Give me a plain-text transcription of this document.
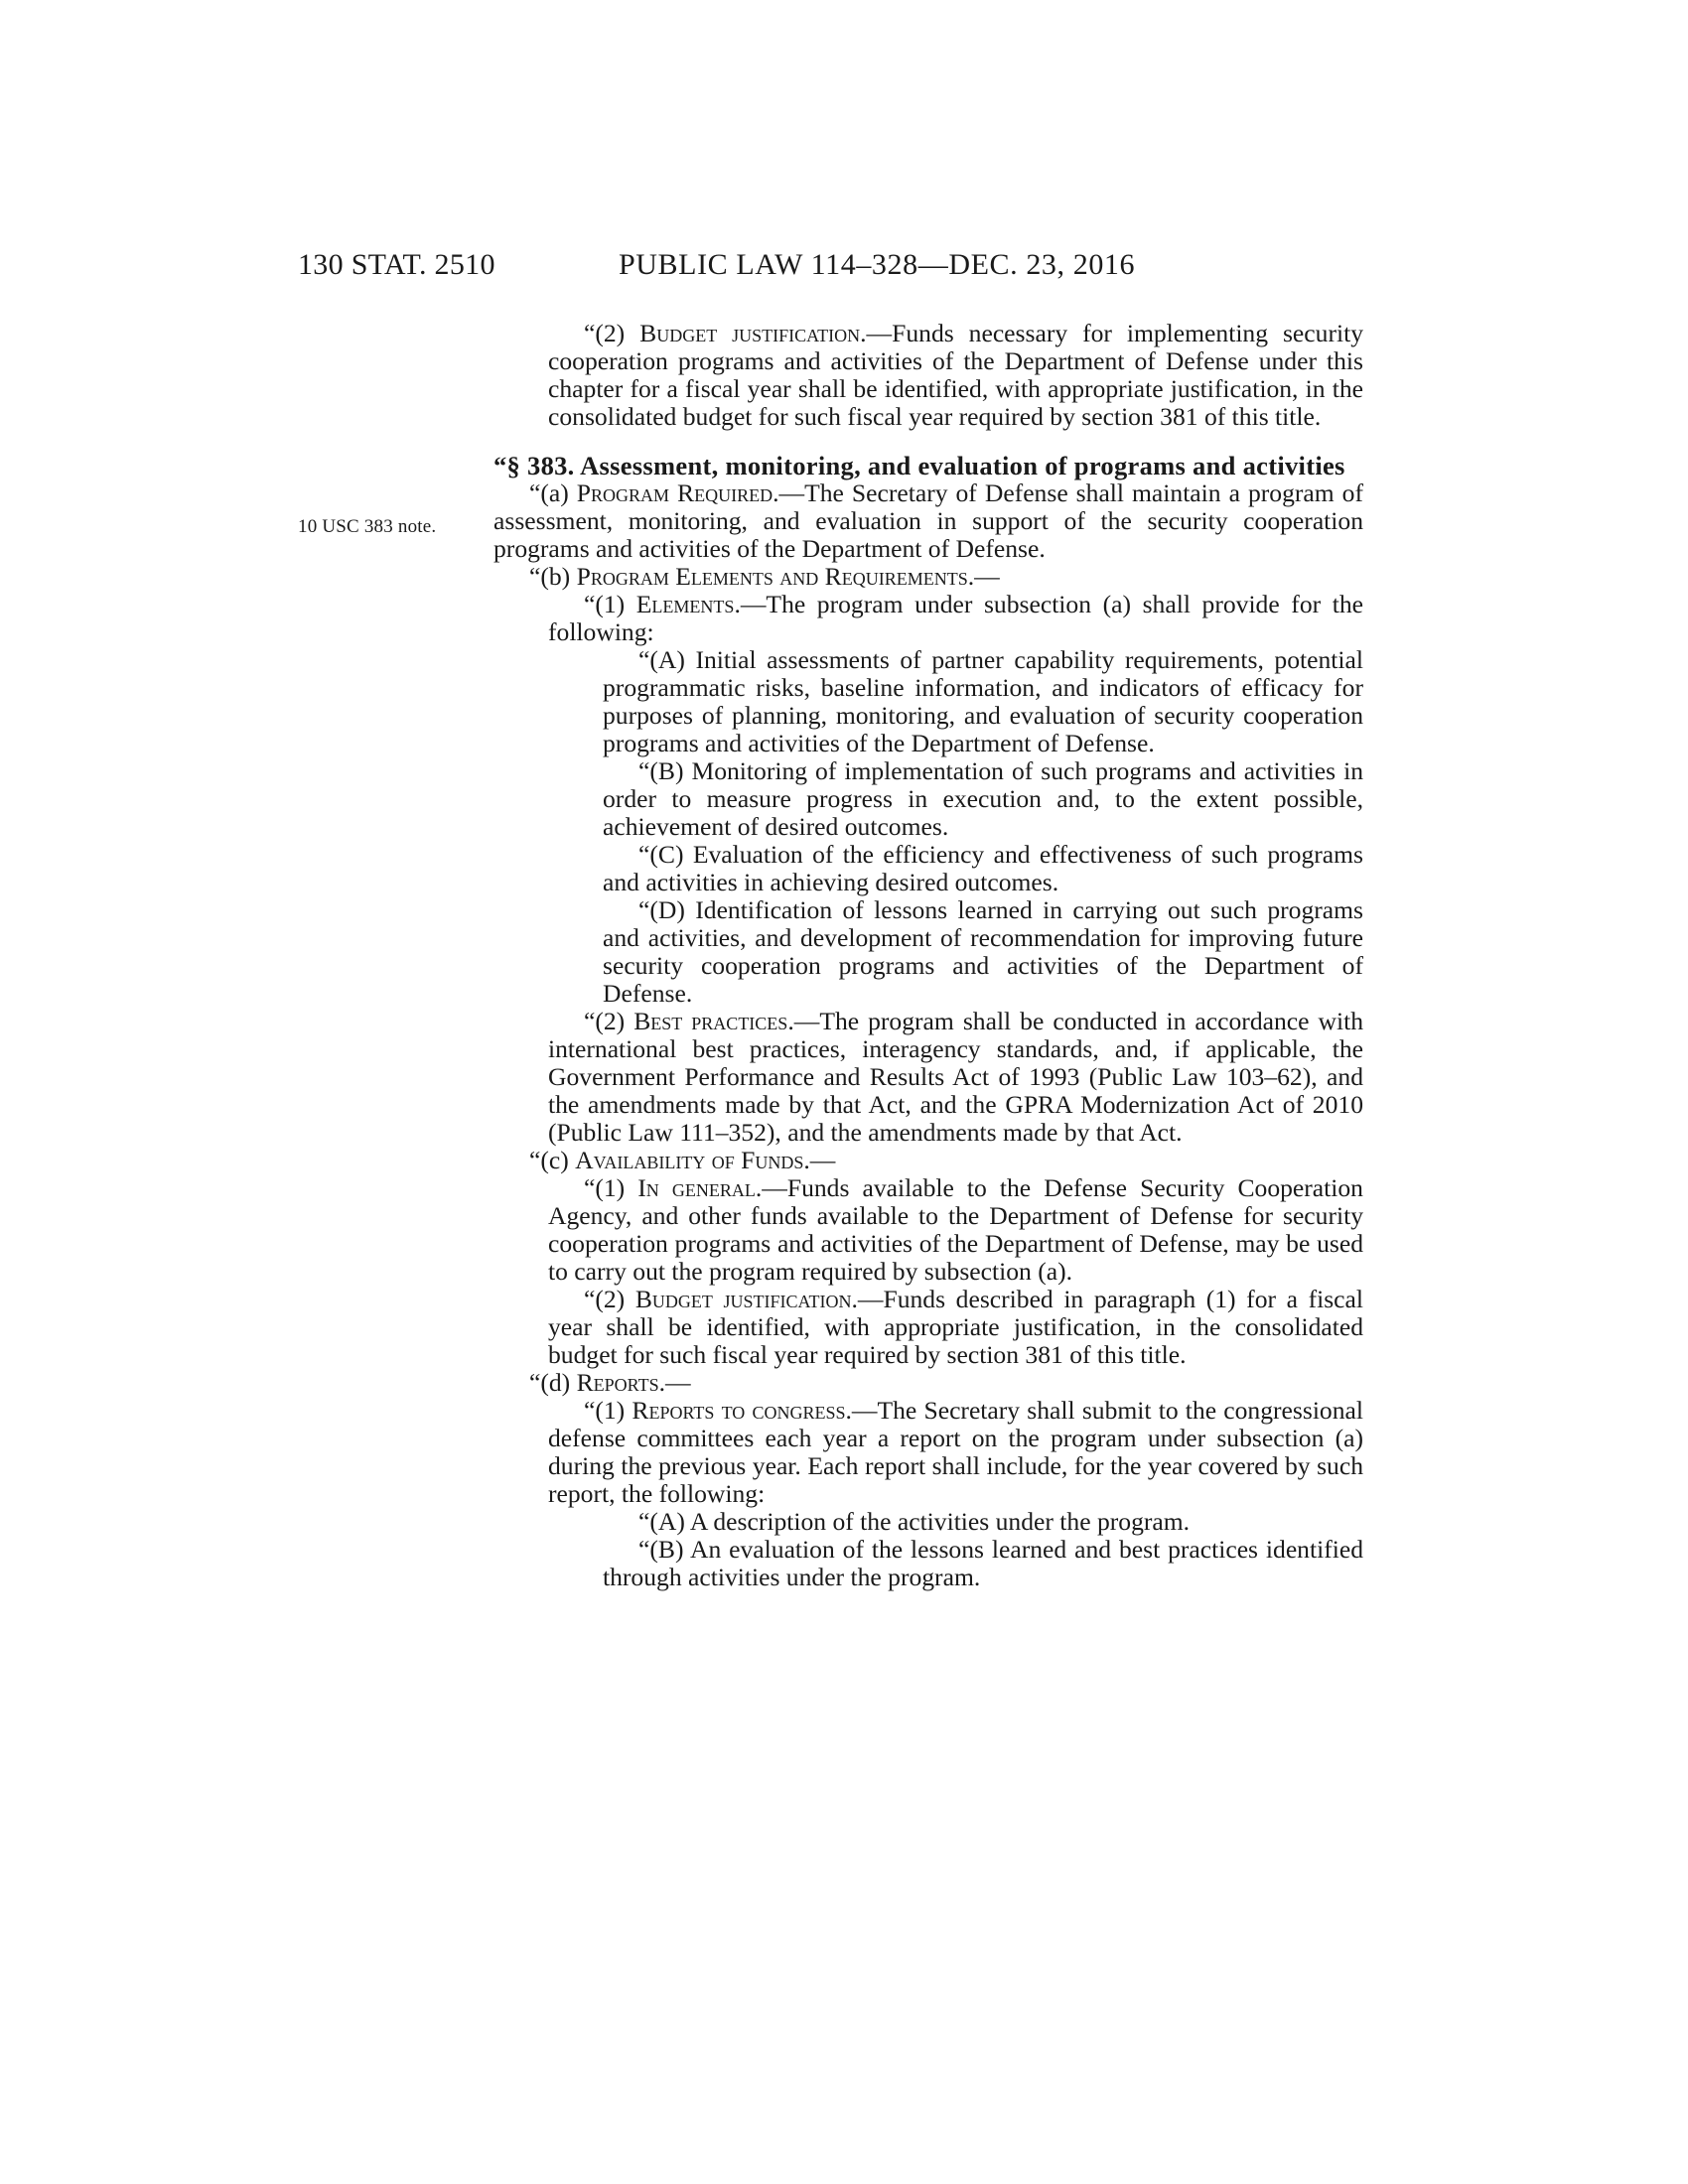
130 STAT. 2510	PUBLIC LAW 114–328—DEC. 23, 2016
10 USC 383 note.

“(2) Budget justification.—Funds necessary for implementing security cooperation programs and activities of the Department of Defense under this chapter for a fiscal year shall be identified, with appropriate justification, in the consolidated budget for such fiscal year required by section 381 of this title.

“§ 383. Assessment, monitoring, and evaluation of programs and activities

“(a) Program Required.—The Secretary of Defense shall maintain a program of assessment, monitoring, and evaluation in support of the security cooperation programs and activities of the Department of Defense.

“(b) Program Elements and Requirements.—

“(1) Elements.—The program under subsection (a) shall provide for the following:

“(A) Initial assessments of partner capability requirements, potential programmatic risks, baseline information, and indicators of efficacy for purposes of planning, monitoring, and evaluation of security cooperation programs and activities of the Department of Defense.

“(B) Monitoring of implementation of such programs and activities in order to measure progress in execution and, to the extent possible, achievement of desired outcomes.

“(C) Evaluation of the efficiency and effectiveness of such programs and activities in achieving desired outcomes.

“(D) Identification of lessons learned in carrying out such programs and activities, and development of recommendation for improving future security cooperation programs and activities of the Department of Defense.

“(2) Best practices.—The program shall be conducted in accordance with international best practices, interagency standards, and, if applicable, the Government Performance and Results Act of 1993 (Public Law 103–62), and the amendments made by that Act, and the GPRA Modernization Act of 2010 (Public Law 111–352), and the amendments made by that Act.

“(c) Availability of Funds.—

“(1) In general.—Funds available to the Defense Security Cooperation Agency, and other funds available to the Department of Defense for security cooperation programs and activities of the Department of Defense, may be used to carry out the program required by subsection (a).

“(2) Budget justification.—Funds described in paragraph (1) for a fiscal year shall be identified, with appropriate justification, in the consolidated budget for such fiscal year required by section 381 of this title.

“(d) Reports.—

“(1) Reports to congress.—The Secretary shall submit to the congressional defense committees each year a report on the program under subsection (a) during the previous year. Each report shall include, for the year covered by such report, the following:

“(A) A description of the activities under the program.

“(B) An evaluation of the lessons learned and best practices identified through activities under the program.
